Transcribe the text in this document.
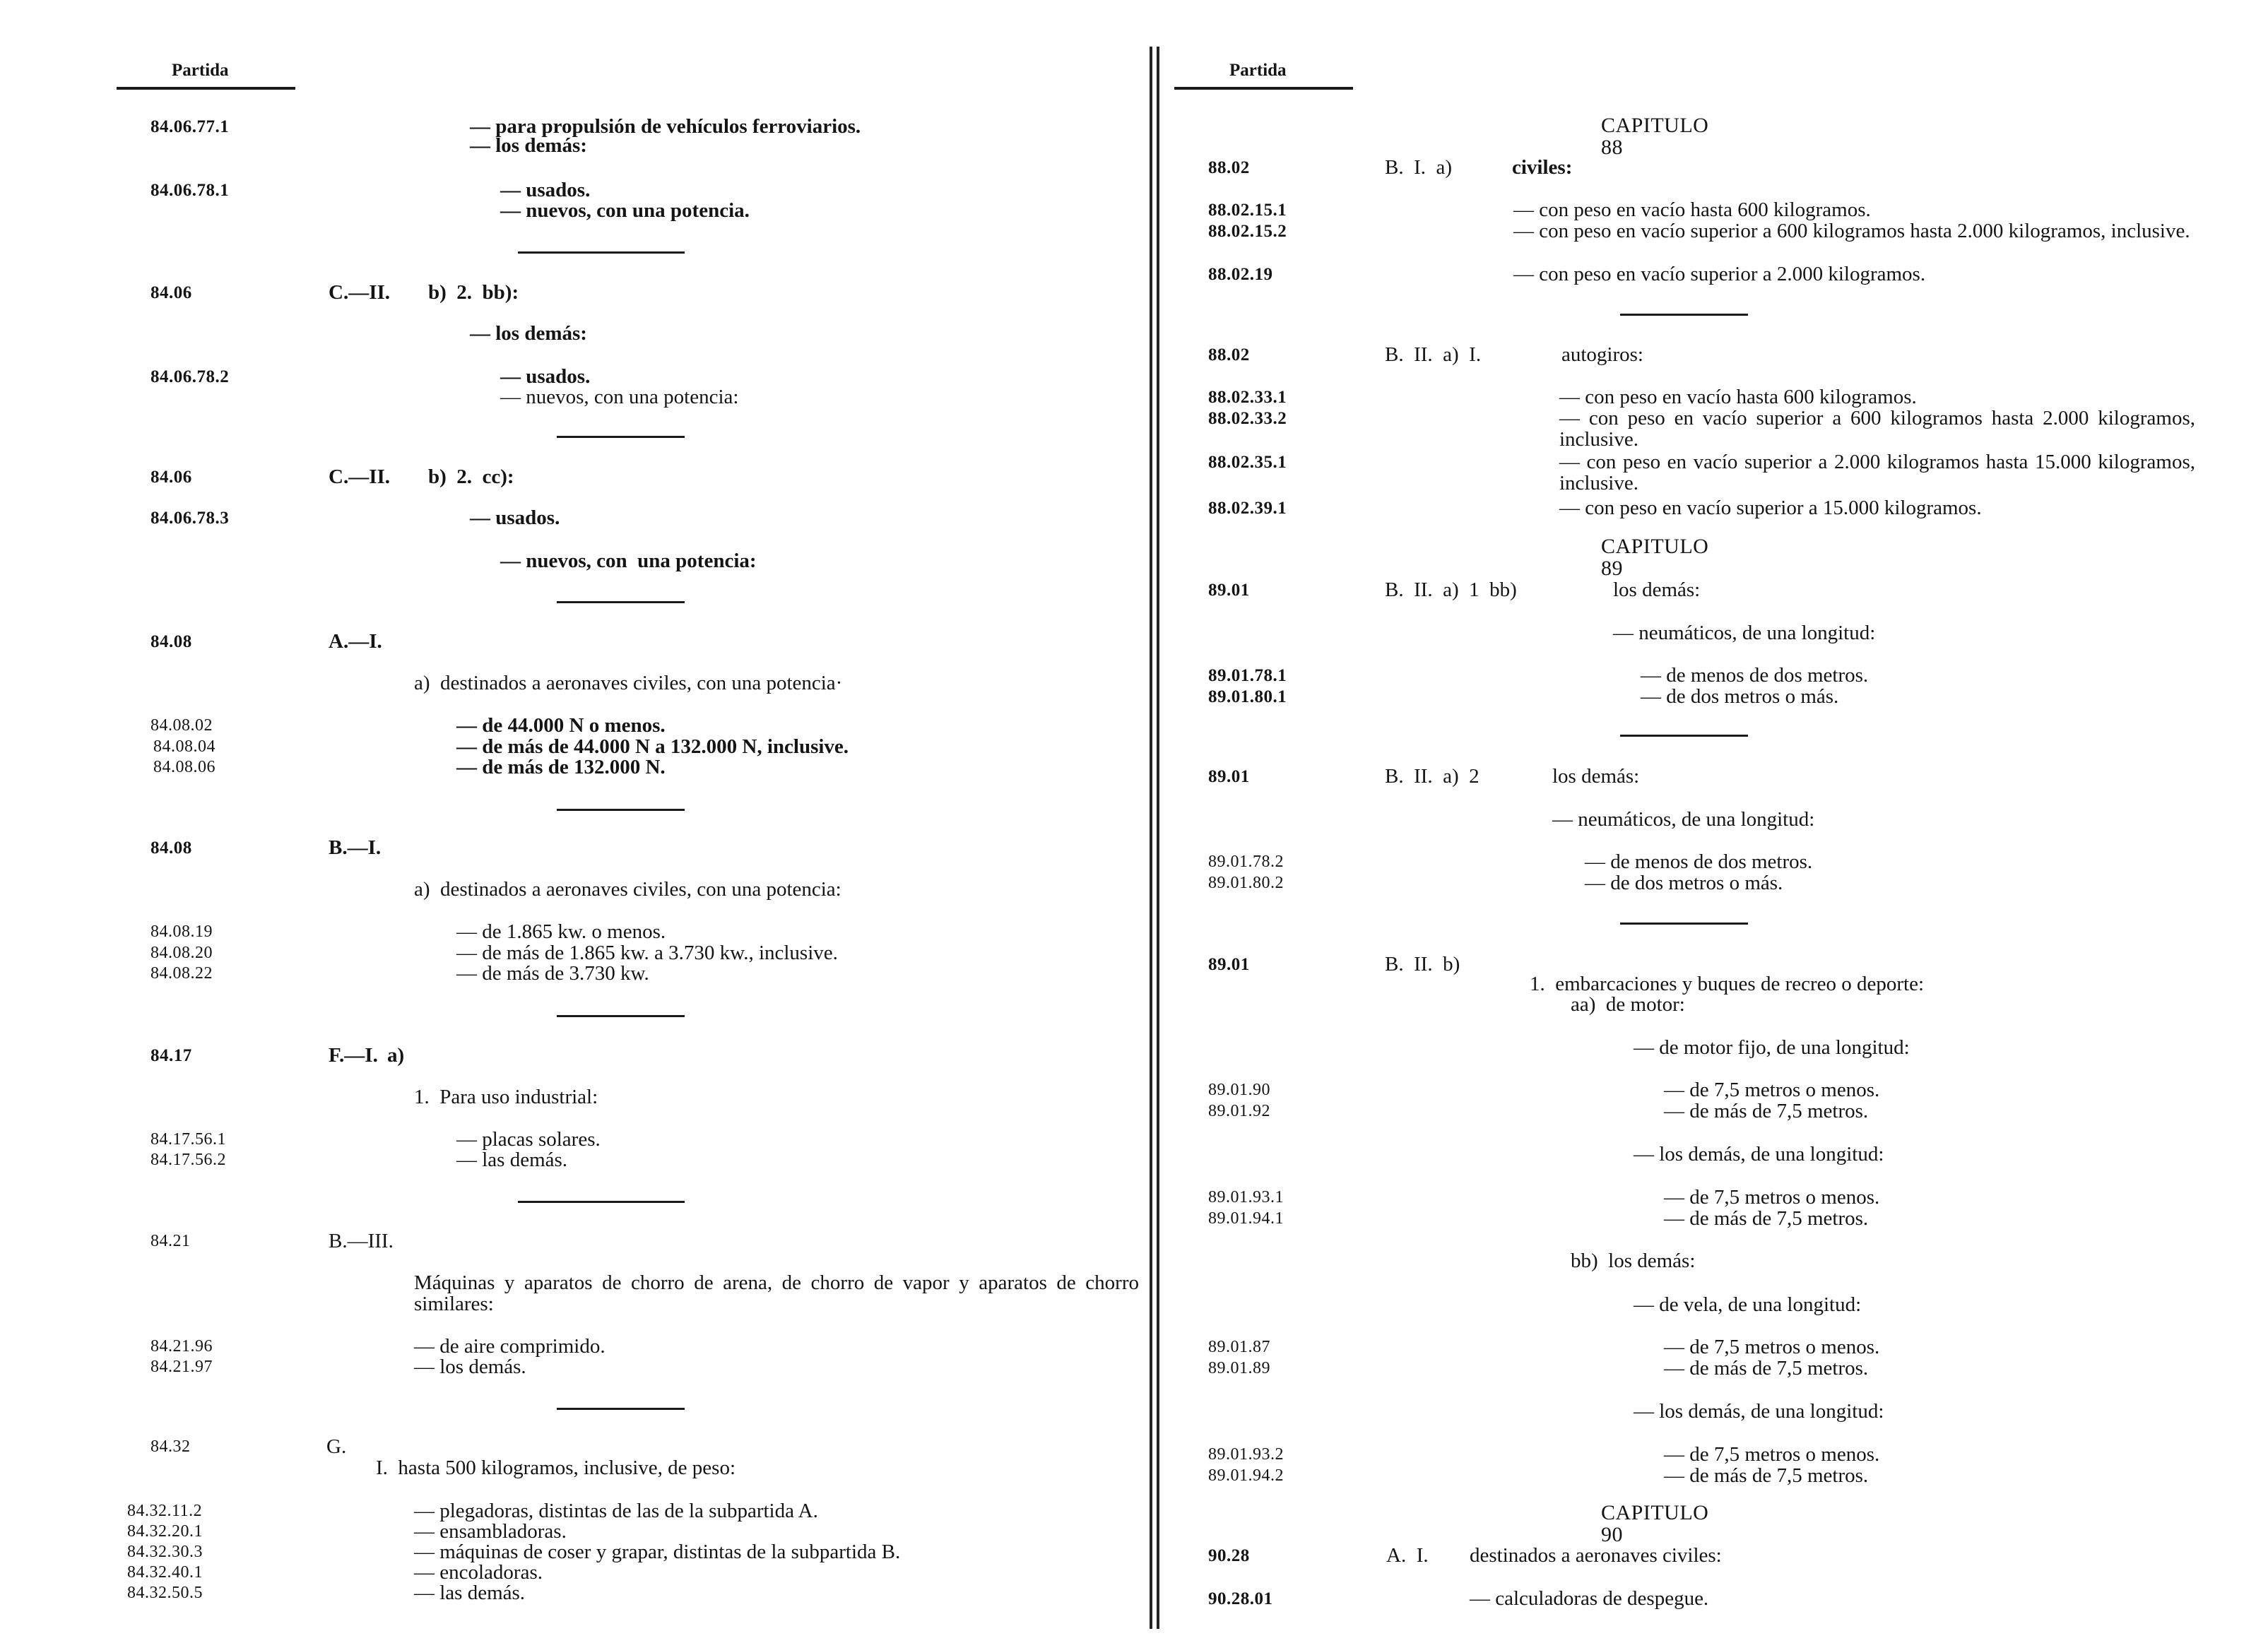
Partida	Partida
84.06.77.1	— para propulsión de vehículos ferroviarios.
— los demás:
84.06.78.1	— usados.
— nuevos, con una potencia.
84.06	C.—II. b)  2.  bb):
— los demás:
84.06.78.2	— usados.
— nuevos, con una potencia:
84.06	C.—II. b)  2.  cc):
84.06.78.3	— usados.
— nuevos, con  una potencia:
84.08	A.—I.
a)  destinados a aeronaves civiles, con una potencia·
84.08.02	— de 44.000 N o menos.
84.08.04	— de más de 44.000 N a 132.000 N, inclusive.
84.08.06	— de más de 132.000 N.
84.08	B.—I.
a)  destinados a aeronaves civiles, con una potencia:
84.08.19	— de 1.865 kw. o menos.
84.08.20	— de más de 1.865 kw. a 3.730 kw., inclusive.
84.08.22	— de más de 3.730 kw.
84.17	F.—I. a)
1.  Para uso industrial:
84.17.56.1	— placas solares.
84.17.56.2	— las demás.
84.21	B.—III.
Máquinas y aparatos de chorro de arena, de chorro de vapor y aparatos de chorro similares:
84.21.96	— de aire comprimido.
84.21.97	— los demás.
84.32	G.
I.  hasta 500 kilogramos, inclusive, de peso:
84.32.11.2	— plegadoras, distintas de las de la subpartida A.
84.32.20.1	— ensambladoras.
84.32.30.3	— máquinas de coser y grapar, distintas de la subpartida B.
84.32.40.1	— encoladoras.
84.32.50.5	— las demás.
CAPITULO 88
88.02	B.  I.  a)	civiles:
88.02.15.1	— con peso en vacío hasta 600 kilogramos.
88.02.15.2	— con peso en vacío superior a 600 kilogramos hasta 2.000 kilogramos, inclusive.
88.02.19	— con peso en vacío superior a 2.000 kilogramos.
88.02	B.  II.  a)  I.	autogiros:
88.02.33.1	— con peso en vacío hasta 600 kilogramos.
88.02.33.2	— con peso en vacío superior a 600 kilogramos hasta 2.000 kilogramos, inclusive.
88.02.35.1	— con peso en vacío superior a 2.000 kilogramos hasta 15.000 kilogramos, inclusive.
88.02.39.1	— con peso en vacío superior a 15.000 kilogramos.
CAPITULO 89
89.01	B.  II.  a)  1  bb)	los demás:
— neumáticos, de una longitud:
89.01.78.1	— de menos de dos metros.
89.01.80.1	— de dos metros o más.
89.01	B.  II.  a)  2	los demás:
— neumáticos, de una longitud:
89.01.78.2	— de menos de dos metros.
89.01.80.2	— de dos metros o más.
89.01	B.  II.  b)
1.  embarcaciones y buques de recreo o deporte:
aa)  de motor:
— de motor fijo, de una longitud:
89.01.90	— de 7,5 metros o menos.
89.01.92	— de más de 7,5 metros.
— los demás, de una longitud:
89.01.93.1	— de 7,5 metros o menos.
89.01.94.1	— de más de 7,5 metros.
bb)  los demás:
— de vela, de una longitud:
89.01.87	— de 7,5 metros o menos.
89.01.89	— de más de 7,5 metros.
— los demás, de una longitud:
89.01.93.2	— de 7,5 metros o menos.
89.01.94.2	— de más de 7,5 metros.
CAPITULO 90
90.28	A.  I. destinados a aeronaves civiles:
90.28.01	— calculadoras de despegue.
